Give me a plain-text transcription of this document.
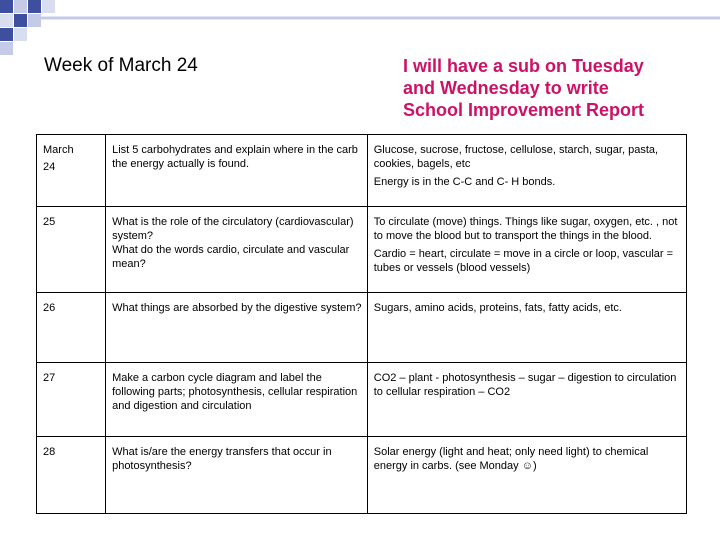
Week of March 24	I will have a sub on Tuesday
and Wednesday to write
School Improvement Report
March
24	List 5 carbohydrates and explain where in the carb the energy actually is found.	Glucose, sucrose, fructose, cellulose, starch, sugar, pasta, cookies, bagels, etc
Energy is in the C-C and C- H bonds.

25	What is the role of the circulatory (cardiovascular) system?
What do the words cardio, circulate and vascular mean?	To circulate (move) things. Things like sugar, oxygen, etc. , not to move the blood but to transport the things in the blood.
Cardio = heart, circulate = move in a circle or loop, vascular = tubes or vessels (blood vessels)

26	What things are absorbed by the digestive system?	Sugars, amino acids, proteins, fats, fatty acids, etc.

27	Make a carbon cycle diagram and label the following parts; photosynthesis, cellular respiration and digestion and circulation	CO2 – plant - photosynthesis – sugar – digestion to circulation to cellular respiration – CO2

28	What is/are the energy transfers that occur in photosynthesis?	Solar energy (light and heat; only need light) to chemical energy in carbs. (see Monday ☺)
